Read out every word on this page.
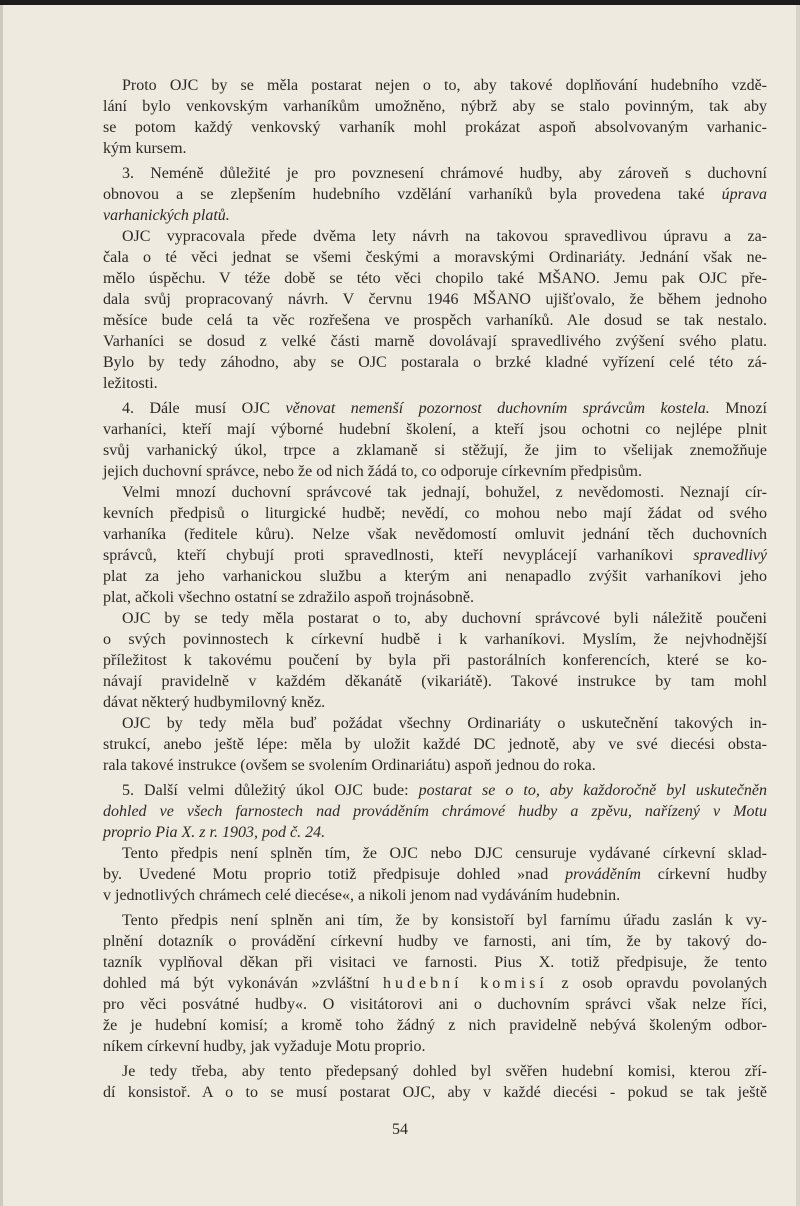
Proto OJC by se měla postarat nejen o to, aby takové doplňování hudebního vzdě-
lání bylo venkovským varhaníkům umožněno, nýbrž aby se stalo povinným, tak aby
se potom každý venkovský varhaník mohl prokázat aspoň absolvovaným varhanic-
kým kursem.
3. Neméně důležité je pro povznesení chrámové hudby, aby zároveň s duchovní
obnovou a se zlepšením hudebního vzdělání varhaníků byla provedena také úprava
varhanických platů.
OJC vypracovala přede dvěma lety návrh na takovou spravedlivou úpravu a za-
čala o té věci jednat se všemi českými a moravskými Ordinariáty. Jednání však ne-
mělo úspěchu. V téže době se této věci chopilo také MŠANO. Jemu pak OJC pře-
dala svůj propracovaný návrh. V červnu 1946 MŠANO ujišťovalo, že během jednoho
měsíce bude celá ta věc rozřešena ve prospěch varhaníků. Ale dosud se tak nestalo.
Varhaníci se dosud z velké části marně dovolávají spravedlivého zvýšení svého platu.
Bylo by tedy záhodno, aby se OJC postarala o brzké kladné vyřízení celé této zá-
ležitosti.
4. Dále musí OJC věnovat nemenší pozornost duchovním správcům kostela. Mnozí
varhaníci, kteří mají výborné hudební školení, a kteří jsou ochotni co nejlépe plnit
svůj varhanický úkol, trpce a zklamaně si stěžují, že jim to všelijak znemožňuje
jejich duchovní správce, nebo že od nich žádá to, co odporuje církevním předpisům.
Velmi mnozí duchovní správcové tak jednají, bohužel, z nevědomosti. Neznají cír-
kevních předpisů o liturgické hudbě; nevědí, co mohou nebo mají žádat od svého
varhaníka (ředitele kůru). Nelze však nevědomostí omluvit jednání těch duchovních
správců, kteří chybují proti spravedlnosti, kteří nevyplácejí varhaníkovi spravedlivý
plat za jeho varhanickou službu a kterým ani nenapadlo zvýšit varhaníkovi jeho
plat, ačkoli všechno ostatní se zdražilo aspoň trojnásobně.
OJC by se tedy měla postarat o to, aby duchovní správcové byli náležitě poučeni
o svých povinnostech k církevní hudbě i k varhaníkovi. Myslím, že nejvhodnější
příležitost k takovému poučení by byla při pastorálních konferencích, které se ko-
návají pravidelně v každém děkanátě (vikariátě). Takové instrukce by tam mohl
dávat některý hudbymilovný kněz.
OJC by tedy měla buď požádat všechny Ordinariáty o uskutečnění takových in-
strukcí, anebo ještě lépe: měla by uložit každé DC jednotě, aby ve své diecési obsta-
rala takové instrukce (ovšem se svolením Ordinariátu) aspoň jednou do roka.
5. Další velmi důležitý úkol OJC bude: postarat se o to, aby každoročně byl uskutečněn
dohled ve všech farnostech nad prováděním chrámové hudby a zpěvu, nařízený v Motu
proprio Pia X. z r. 1903, pod č. 24.
Tento předpis není splněn tím, že OJC nebo DJC censuruje vydávané církevní sklad-
by. Uvedené Motu proprio totiž předpisuje dohled »nad prováděním církevní hudby
v jednotlivých chrámech celé diecése«, a nikoli jenom nad vydáváním hudebnin.
Tento předpis není splněn ani tím, že by konsistoří byl farnímu úřadu zaslán k vy-
plnění dotazník o provádění církevní hudby ve farnosti, ani tím, že by takový do-
tazník vyplňoval děkan při visitaci ve farnosti. Pius X. totiž předpisuje, že tento
dohled má být vykonáván »zvláštní hudební komisí z osob opravdu povolaných
pro věci posvátné hudby«. O visitátorovi ani o duchovním správci však nelze říci,
že je hudební komisí; a kromě toho žádný z nich pravidelně nebývá školeným odbor-
níkem církevní hudby, jak vyžaduje Motu proprio.
Je tedy třeba, aby tento předepsaný dohled byl svěřen hudební komisi, kterou zří-
dí konsistoř. A o to se musí postarat OJC, aby v každé diecési - pokud se tak ještě
54
